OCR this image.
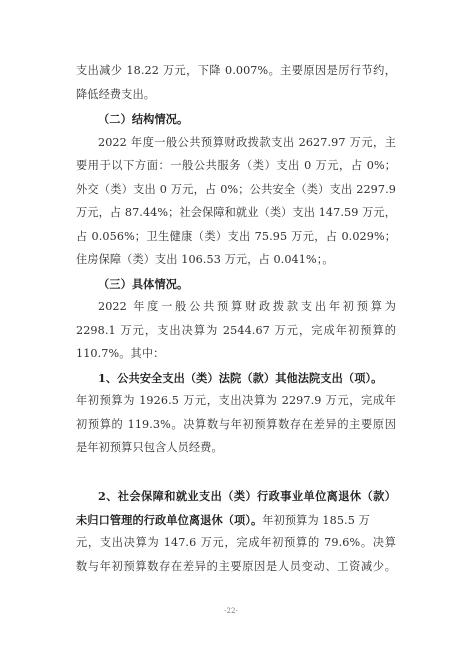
支出减少 18.22 万元，下降 0.007%。主要原因是厉行节约，
降低经费支出。
（二）结构情况。
2022 年度一般公共预算财政拨款支出 2627.97 万元，主
要用于以下方面：一般公共服务（类）支出 0 万元，占 0%；
外交（类）支出 0 万元，占 0%；公共安全（类）支出 2297.9
万元，占 87.44%；社会保障和就业（类）支出 147.59 万元，
占 0.056%；卫生健康（类）支出 75.95 万元，占 0.029%；
住房保障（类）支出 106.53 万元，占 0.041%；。
（三）具体情况。
2022 年度一般公共预算财政拨款支出年初预算为
2298.1 万元，支出决算为 2544.67 万元，完成年初预算的
110.7%。其中：
1、公共安全支出（类）法院（款）其他法院支出（项）。
年初预算为 1926.5 万元，支出决算为 2297.9 万元，完成年
初预算的 119.3%。决算数与年初预算数存在差异的主要原因
是年初预算只包含人员经费。
2、社会保障和就业支出（类）行政事业单位离退休（款）
未归口管理的行政单位离退休（项）。年初预算为 185.5 万
元，支出决算为 147.6 万元，完成年初预算的 79.6%。决算
数与年初预算数存在差异的主要原因是人员变动、工资减少。
-22-
